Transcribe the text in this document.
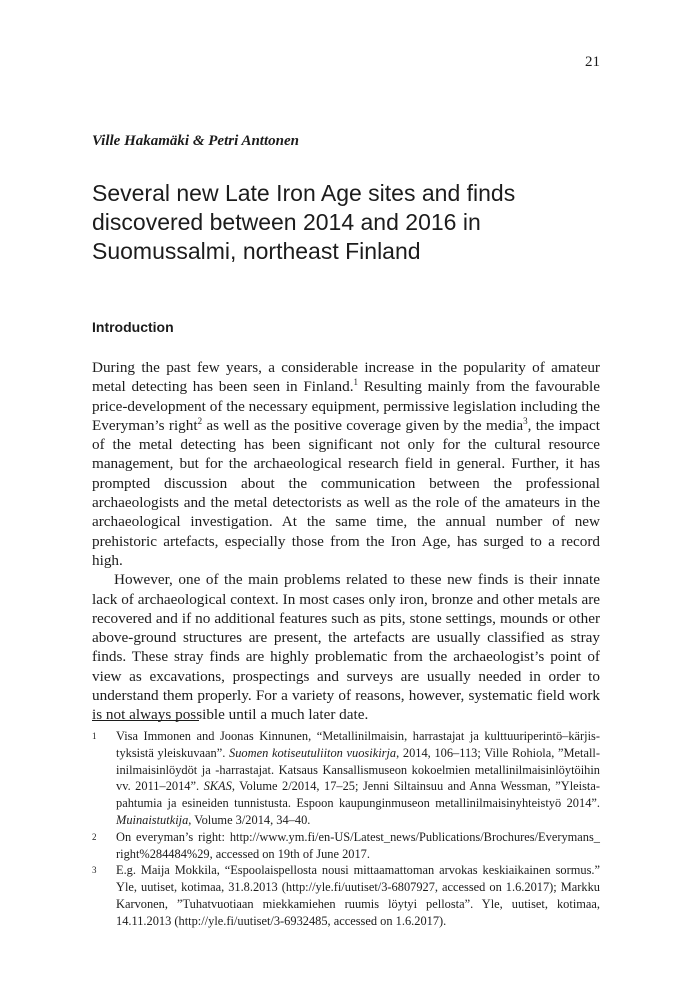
21
Ville Hakamäki & Petri Anttonen
Several new Late Iron Age sites and finds
discovered between 2014 and 2016 in
Suomussalmi, northeast Finland
Introduction

During the past few years, a considerable increase in the popularity of amateur metal detecting has been seen in Finland.$^1$ Resulting mainly from the favourable price-development of the necessary equipment, permissive legislation including the Everyman’s right$^2$ as well as the positive coverage given by the media$^3$, the impact of the metal detecting has been significant not only for the cultural resource management, but for the archaeological research field in general. Further, it has prompted discussion about the communication between the professional archaeologists and the metal detectorists as well as the role of the amateurs in the archaeological investigation. At the same time, the annual number of new prehistoric artefacts, especially those from the Iron Age, has surged to a record high.

However, one of the main problems related to these new finds is their innate lack of archaeological context. In most cases only iron, bronze and other metals are recovered and if no additional features such as pits, stone settings, mounds or other above-ground structures are present, the artefacts are usually classified as stray finds. These stray finds are highly problematic from the archaeologist’s point of view as excavations, prospectings and surveys are usually needed in order to understand them properly. For a variety of reasons, however, systematic field work is not always possible until a much later date.

1	Visa Immonen and Joonas Kinnunen, “Metallinilmaisin, harrastajat ja kulttuuriperintö–kärjis-tyksistä yleiskuvaan”. Suomen kotiseutuliiton vuosikirja, 2014, 106–113; Ville Rohiola, ”Metall-inilmaisinlöydöt ja -harrastajat. Katsaus Kansallismuseon kokoelmien metallinilmaisinlöytöihin vv. 2011–2014”. SKAS, Volume 2/2014, 17–25; Jenni Siltainsuu and Anna Wessman, ”Yleista-pahtumia ja esineiden tunnistusta. Espoon kaupunginmuseon metallinilmaisinyhteistyö 2014”. Muinaistutkija, Volume 3/2014, 34–40.
2	On everyman’s right: http://www.ym.fi/en-US/Latest_news/Publications/Brochures/Everymans_ right%284484%29, accessed on 19th of June 2017.
3	E.g. Maija Mokkila, “Espoolaispellosta nousi mittaamattoman arvokas keskiaikainen sormus.” Yle, uutiset, kotimaa, 31.8.2013 (http://yle.fi/uutiset/3-6807927, accessed on 1.6.2017); Markku Karvonen, ”Tuhatvuotiaan miekkamiehen ruumis löytyi pellosta”. Yle, uutiset, kotimaa, 14.11.2013 (http://yle.fi/uutiset/3-6932485, accessed on 1.6.2017).
